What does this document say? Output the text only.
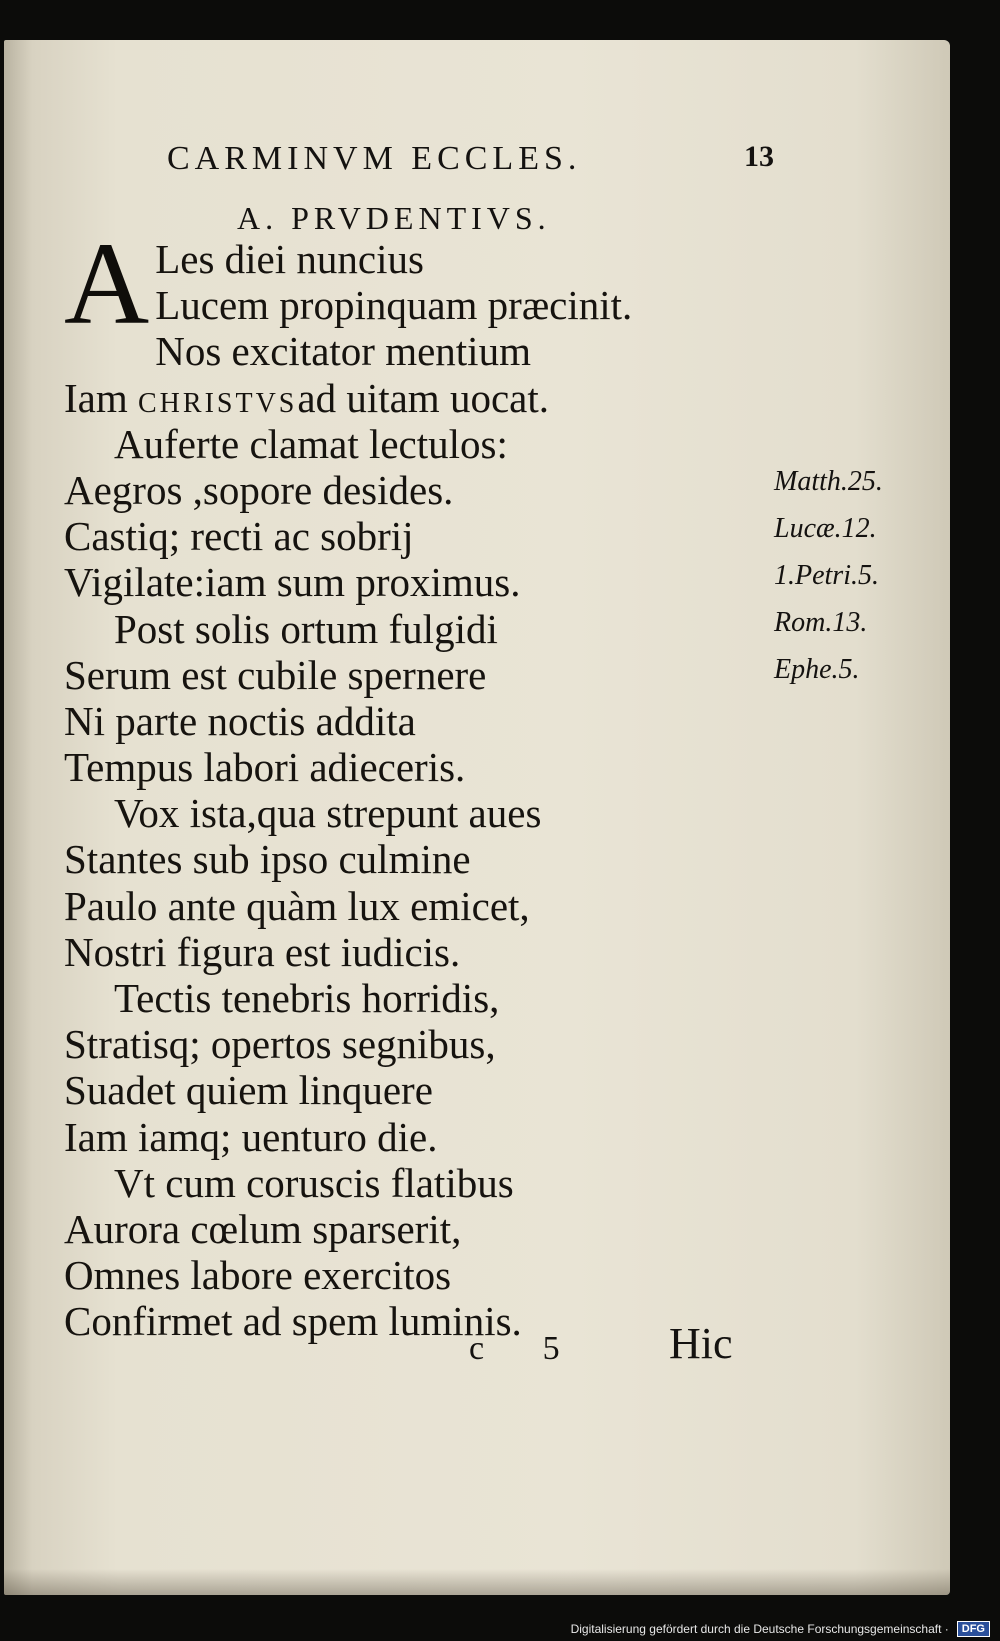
CARMINVM ECCLES.	13
A. PRVDENTIVS.
A Les diei nuncius
Lucem propinquam præcinit.
Nos excitator mentium
Iam CHRISTVSad uitam uocat.
Auferte clamat lectulos:
Aegros ,sopore desides.
Castiq; recti ac sobrij
Vigilate:iam sum proximus.
Post solis ortum fulgidi
Serum est cubile spernere
Ni parte noctis addita
Tempus labori adieceris.
Vox ista,qua strepunt aues
Stantes sub ipso culmine
Paulo ante quàm lux emicet,
Nostri figura est iudicis.
Tectis tenebris horridis,
Stratisq; opertos segnibus,
Suadet quiem linquere
Iam iamq; uenturo die.
Vt cum coruscis flatibus
Aurora cœlum sparserit,
Omnes labore exercitos
Confirmet ad spem luminis.
Matth.25.
Lucæ.12.
1.Petri.5.
Rom.13.
Ephe.5.
c 5 Hic
Digitalisierung gefördert durch die Deutsche Forschungsgemeinschaft ·	DFG
